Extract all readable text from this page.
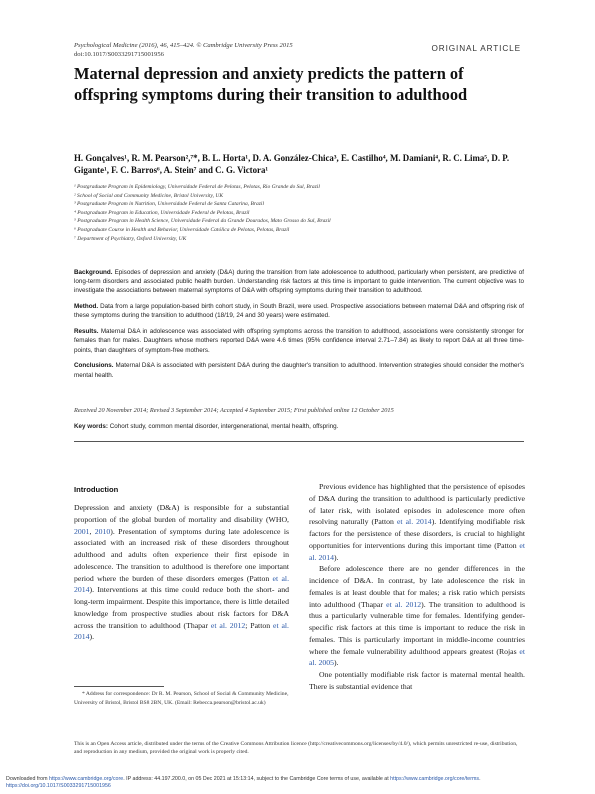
Psychological Medicine (2016), 46, 415–424. © Cambridge University Press 2015
doi:10.1017/S0033291715001956
ORIGINAL ARTICLE
Maternal depression and anxiety predicts the pattern of offspring symptoms during their transition to adulthood
H. Gonçalves¹, R. M. Pearson²,⁷*, B. L. Horta¹, D. A. González-Chica³, E. Castilho⁴, M. Damiani⁴, R. C. Lima⁵, D. P. Gigante¹, F. C. Barros⁶, A. Stein⁷ and C. G. Victora¹
¹ Postgraduate Program in Epidemiology, Universidade Federal de Pelotas, Pelotas, Rio Grande do Sul, Brazil
² School of Social and Community Medicine, Bristol University, UK
³ Postgraduate Program in Nutrition, Universidade Federal de Santa Catarina, Brazil
⁴ Postgraduate Program in Education, Universidade Federal de Pelotas, Brazil
⁵ Postgraduate Program in Health Science, Universidade Federal da Grande Dourados, Mato Grosso do Sul, Brazil
⁶ Postgraduate Course in Health and Behavior, Universidade Católica de Pelotas, Pelotas, Brazil
⁷ Department of Psychiatry, Oxford University, UK

Background. Episodes of depression and anxiety (D&A) during the transition from late adolescence to adulthood, particularly when persistent, are predictive of long-term disorders and associated public health burden. Understanding risk factors at this time is important to guide intervention. The current objective was to investigate the associations between maternal symptoms of D&A with offspring symptoms during their transition to adulthood.

Method. Data from a large population-based birth cohort study, in South Brazil, were used. Prospective associations between maternal D&A and offspring risk of these symptoms during the transition to adulthood (18/19, 24 and 30 years) were estimated.

Results. Maternal D&A in adolescence was associated with offspring symptoms across the transition to adulthood, associations were consistently stronger for females than for males. Daughters whose mothers reported D&A were 4.6 times (95% confidence interval 2.71–7.84) as likely to report D&A at all three time-points, than daughters of symptom-free mothers.

Conclusions. Maternal D&A is associated with persistent D&A during the daughter's transition to adulthood. Intervention strategies should consider the mother's mental health.

Received 20 November 2014; Revised 3 September 2014; Accepted 4 September 2015; First published online 12 October 2015
Key words: Cohort study, common mental disorder, intergenerational, mental health, offspring.
Introduction

Depression and anxiety (D&A) is responsible for a substantial proportion of the global burden of mortality and disability (WHO, 2001, 2010). Presentation of symptoms during late adolescence is associated with an increased risk of these disorders throughout adulthood and adults often experience their first episode in adolescence. The transition to adulthood is therefore one important period where the burden of these disorders emerges (Patton et al. 2014). Interventions at this time could reduce both the short- and long-term impairment. Despite this importance, there is little detailed knowledge from prospective studies about risk factors for D&A across the transition to adulthood (Thapar et al. 2012; Patton et al. 2014).

Previous evidence has highlighted that the persistence of episodes of D&A during the transition to adulthood is particularly predictive of later risk, with isolated episodes in adolescence more often resolving naturally (Patton et al. 2014). Identifying modifiable risk factors for the persistence of these disorders, is crucial to highlight opportunities for interventions during this important time (Patton et al. 2014).

Before adolescence there are no gender differences in the incidence of D&A. In contrast, by late adolescence the risk in females is at least double that for males; a risk ratio which persists into adulthood (Thapar et al. 2012). The transition to adulthood is thus a particularly vulnerable time for females. Identifying gender-specific risk factors at this time is important to reduce the risk in females. This is particularly important in middle-income countries where the female vulnerability adulthood appears greatest (Rojas et al. 2005).

One potentially modifiable risk factor is maternal mental health. There is substantial evidence that

* Address for correspondence: Dr R. M. Pearson, School of Social & Community Medicine, University of Bristol, Bristol BS8 2BN, UK. (Email: Rebecca.pearson@bristol.ac.uk)
This is an Open Access article, distributed under the terms of the Creative Commons Attribution licence (http://creativecommons.org/licenses/by/4.0/), which permits unrestricted re-use, distribution, and reproduction in any medium, provided the original work is properly cited.
Downloaded from https://www.cambridge.org/core. IP address: 44.197.200.0, on 05 Dec 2021 at 15:13:14, subject to the Cambridge Core terms of use, available at https://www.cambridge.org/core/terms.
https://doi.org/10.1017/S0033291715001956
